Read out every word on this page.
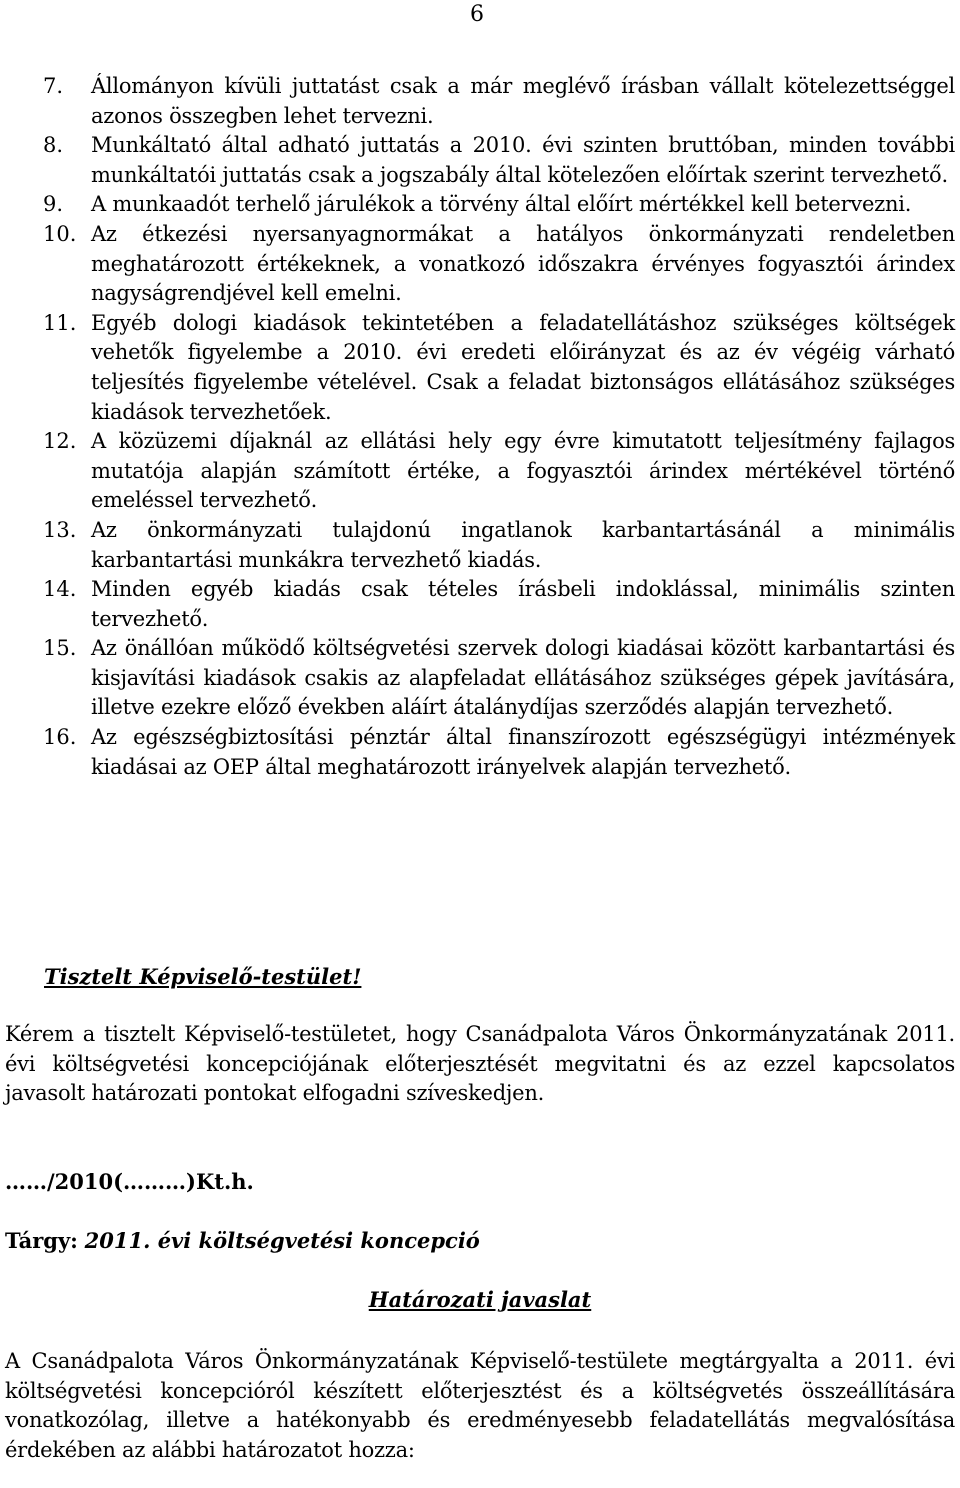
6
7.	Állományon kívüli juttatást csak a már meglévő írásban vállalt kötelezettséggel azonos összegben lehet tervezni.
8.	Munkáltató által adható juttatás a 2010. évi szinten bruttóban, minden további munkáltatói juttatás csak a jogszabály által kötelezően előírtak szerint tervezhető.
9.	A munkaadót terhelő járulékok a törvény által előírt mértékkel kell betervezni.
10. Az étkezési nyersanyagnormákat a hatályos önkormányzati rendeletben meghatározott értékeknek, a vonatkozó időszakra érvényes fogyasztói árindex nagyságrendjével kell emelni.
11. Egyéb dologi kiadások tekintetében a feladatellátáshoz szükséges költségek vehetők figyelembe a 2010. évi eredeti előirányzat és az év végéig várható teljesítés figyelembe vételével. Csak a feladat biztonságos ellátásához szükséges kiadások tervezhetőek.
12. A közüzemi díjaknál az ellátási hely egy évre kimutatott teljesítmény fajlagos mutatója alapján számított értéke, a fogyasztói árindex mértékével történő emeléssel tervezhető.
13. Az önkormányzati tulajdonú ingatlanok karbantartásánál a minimális karbantartási munkákra tervezhető kiadás.
14. Minden egyéb kiadás csak tételes írásbeli indoklással, minimális szinten tervezhető.
15. Az önállóan működő költségvetési szervek dologi kiadásai között karbantartási és kisjavítási kiadások csakis az alapfeladat ellátásához szükséges gépek javítására, illetve ezekre előző években aláírt átalánydíjas szerződés alapján tervezhető.
16. Az egészségbiztosítási pénztár által finanszírozott egészségügyi intézmények kiadásai az OEP által meghatározott irányelvek alapján tervezhető.
Tisztelt Képviselő-testület!

Kérem a tisztelt Képviselő-testületet, hogy Csanádpalota Város Önkormányzatának 2011. évi költségvetési koncepciójának előterjesztését megvitatni és az ezzel kapcsolatos javasolt határozati pontokat elfogadni szíveskedjen.

……/2010(………)Kt.h.
Tárgy: 2011. évi költségvetési koncepció
Határozati javaslat

A Csanádpalota Város Önkormányzatának Képviselő-testülete megtárgyalta a 2011. évi költségvetési koncepcióról készített előterjesztést és a költségvetés összeállítására vonatkozólag, illetve a hatékonyabb és eredményesebb feladatellátás megvalósítása érdekében az alábbi határozatot hozza:
